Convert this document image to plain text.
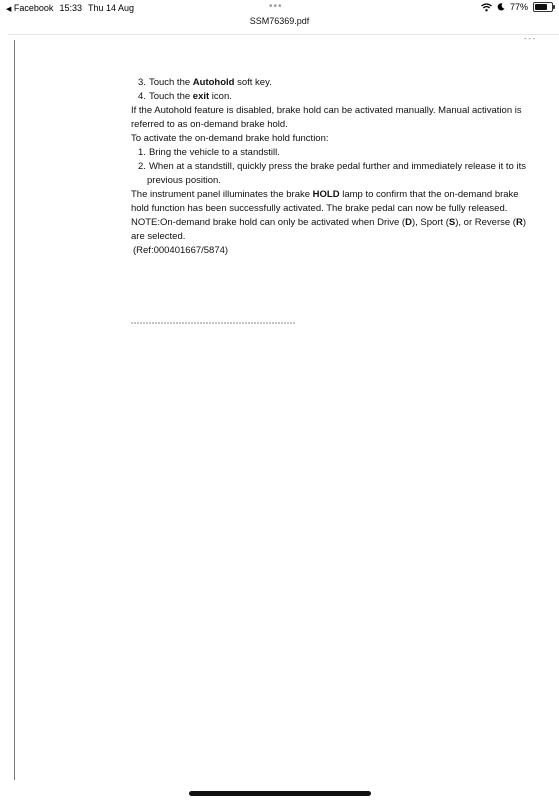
◀ Facebook 15:33 Thu 14 Aug	•••	77%
SSM76369.pdf
- - -
3. Touch the Autohold soft key.
4. Touch the exit icon.

If the Autohold feature is disabled, brake hold can be activated manually. Manual activation is referred to as on-demand brake hold.

To activate the on-demand brake hold function:

1. Bring the vehicle to a standstill.
2. When at a standstill, quickly press the brake pedal further and immediately release it to its previous position.

The instrument panel illuminates the brake HOLD lamp to confirm that the on-demand brake hold function has been successfully activated. The brake pedal can now be fully released.

NOTE:On-demand brake hold can only be activated when Drive (D), Sport (S), or Reverse (R) are selected.

(Ref:000401667/5874)
